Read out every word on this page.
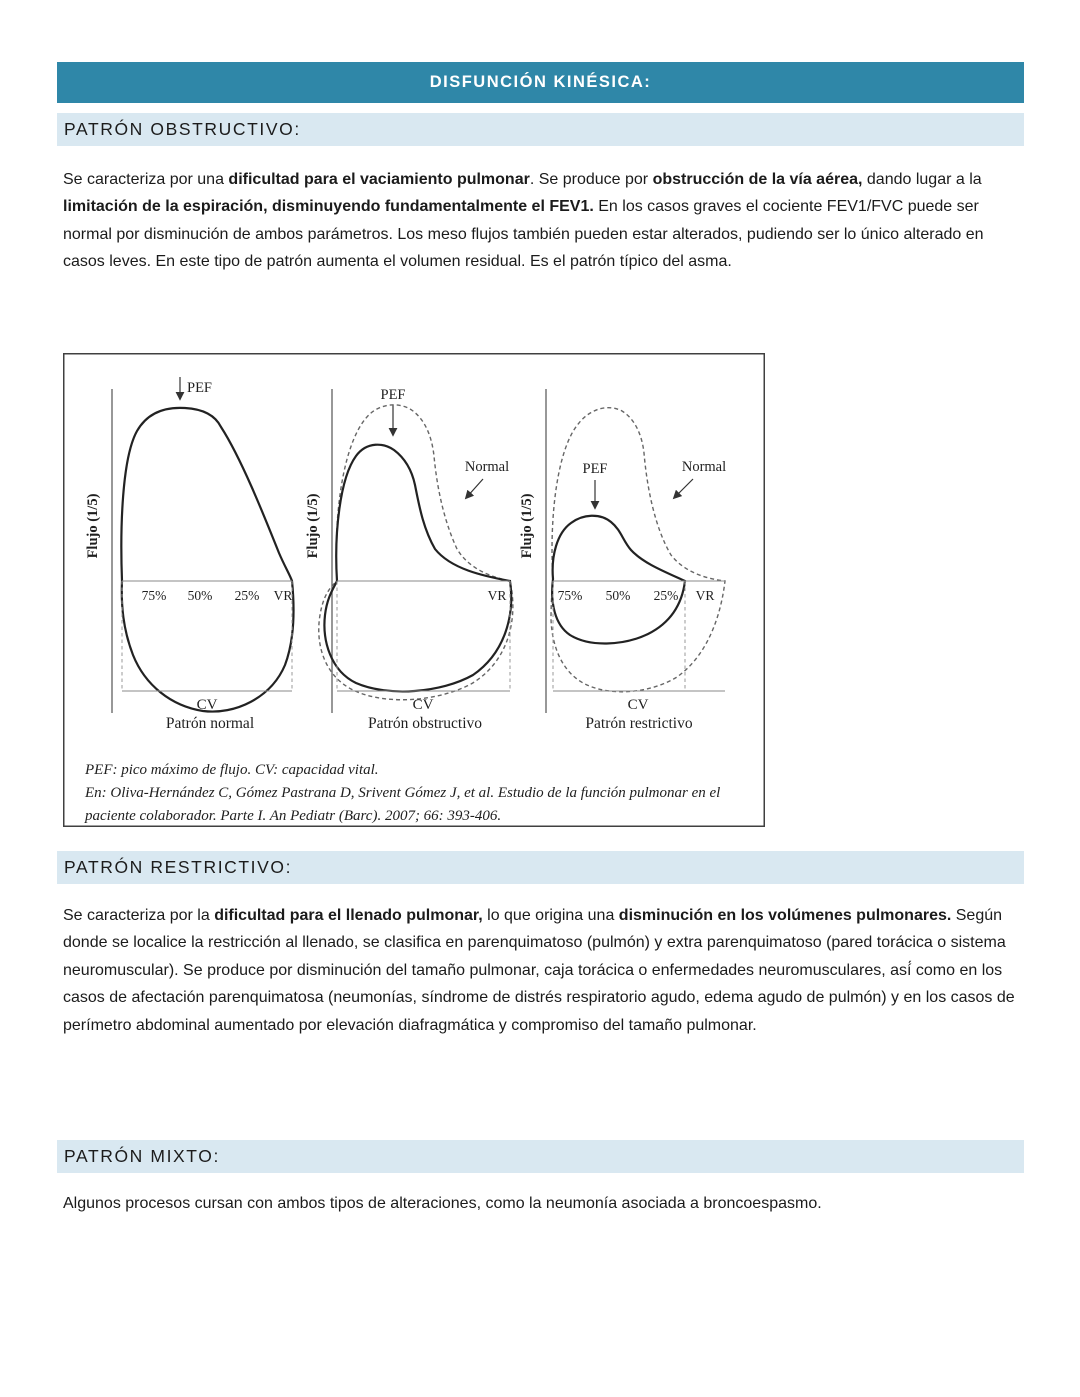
DISFUNCIÓN KINÉSICA:
PATRÓN OBSTRUCTIVO:

Se caracteriza por una dificultad para el vaciamiento pulmonar. Se produce por obstrucción de la vía aérea, dando lugar a la limitación de la espiración, disminuyendo fundamentalmente el FEV1. En los casos graves el cociente FEV1/FVC puede ser normal por disminución de ambos parámetros. Los meso flujos también pueden estar alterados, pudiendo ser lo único alterado en casos leves. En este tipo de patrón aumenta el volumen residual. Es el patrón típico del asma.

Flujo (1/5)
PEF
75% 50% 25% VR
CV
Patrón normal
Flujo (1/5)
PEF
Normal
VR
CV
Patrón obstructivo
Flujo (1/5)
PEF	Normal
75% 50% 25% VR
CV
Patrón restrictivo
PEF: pico máximo de flujo. CV: capacidad vital.
En: Oliva-Hernández C, Gómez Pastrana D, Srivent Gómez J, et al. Estudio de la función pulmonar en el
paciente colaborador. Parte I. An Pediatr (Barc). 2007; 66: 393-406.
PATRÓN RESTRICTIVO:

Se caracteriza por la dificultad para el llenado pulmonar, lo que origina una disminución en los volúmenes pulmonares. Según donde se localice la restricción al llenado, se clasifica en parenquimatoso (pulmón) y extra parenquimatoso (pared torácica o sistema neuromuscular). Se produce por disminución del tamaño pulmonar, caja torácica o enfermedades neuromusculares, así́ como en los casos de afectación parenquimatosa (neumonías, síndrome de distrés respiratorio agudo, edema agudo de pulmón) y en los casos de perímetro abdominal aumentado por elevación diafragmática y compromiso del tamaño pulmonar.

PATRÓN MIXTO:

Algunos procesos cursan con ambos tipos de alteraciones, como la neumonía asociada a broncoespasmo.
